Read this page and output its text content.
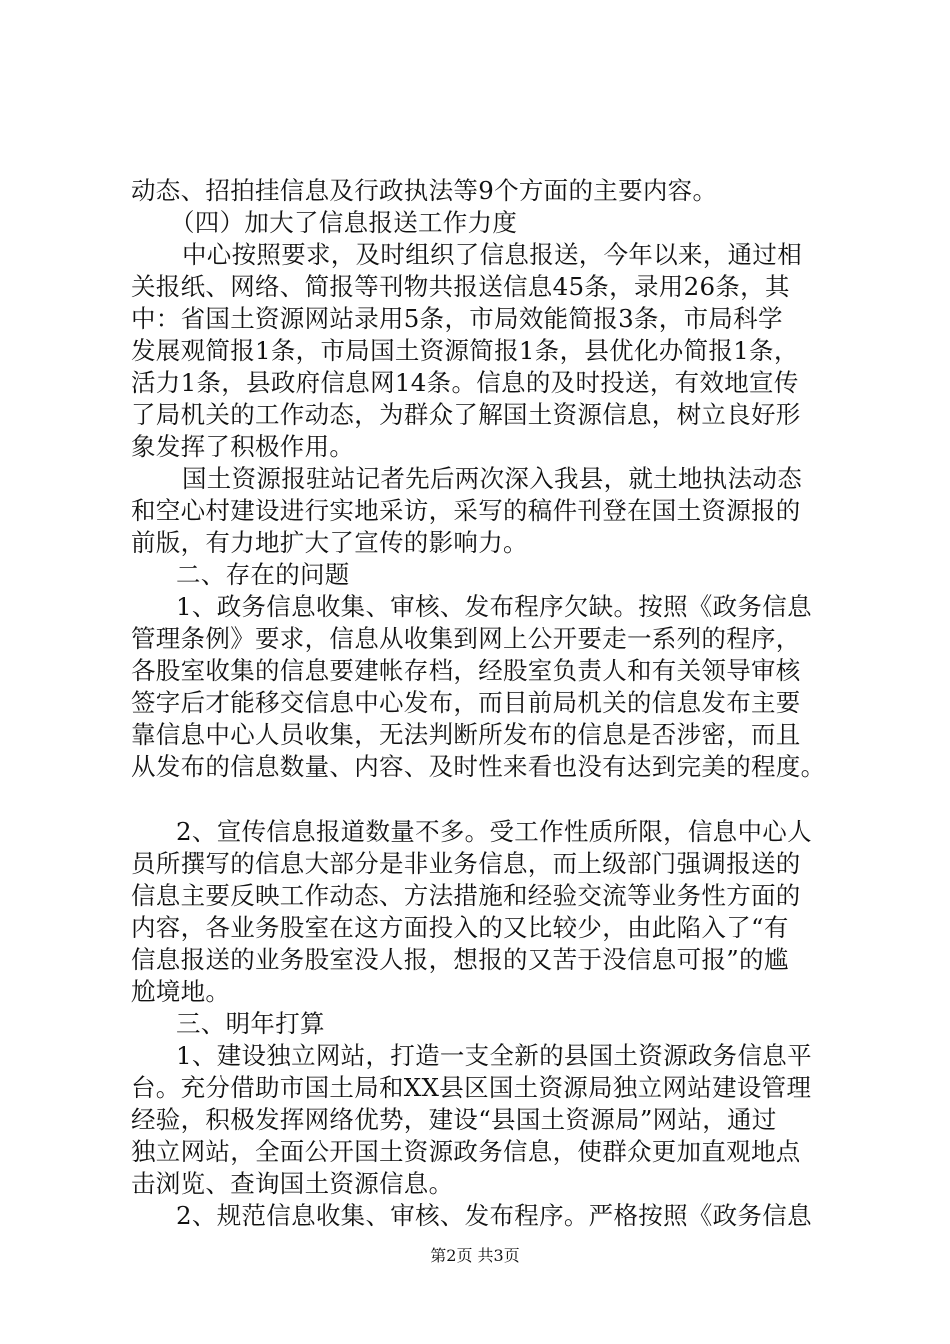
动态、招拍挂信息及行政执法等9个方面的主要内容。
（四）加大了信息报送工作力度
中心按照要求，及时组织了信息报送，今年以来，通过相
关报纸、网络、简报等刊物共报送信息45条，录用26条，其
中：省国土资源网站录用5条，市局效能简报3条，市局科学
发展观简报1条，市局国土资源简报1条，县优化办简报1条，
活力1条，县政府信息网14条。信息的及时投送，有效地宣传
了局机关的工作动态，为群众了解国土资源信息，树立良好形
象发挥了积极作用。
国土资源报驻站记者先后两次深入我县，就土地执法动态
和空心村建设进行实地采访，采写的稿件刊登在国土资源报的
前版，有力地扩大了宣传的影响力。
二、存在的问题
1、政务信息收集、审核、发布程序欠缺。按照《政务信息
管理条例》要求，信息从收集到网上公开要走一系列的程序，
各股室收集的信息要建帐存档，经股室负责人和有关领导审核
签字后才能移交信息中心发布，而目前局机关的信息发布主要
靠信息中心人员收集，无法判断所发布的信息是否涉密，而且
从发布的信息数量、内容、及时性来看也没有达到完美的程度。
2、宣传信息报道数量不多。受工作性质所限，信息中心人
员所撰写的信息大部分是非业务信息，而上级部门强调报送的
信息主要反映工作动态、方法措施和经验交流等业务性方面的
内容，各业务股室在这方面投入的又比较少，由此陷入了“有
信息报送的业务股室没人报，想报的又苦于没信息可报”的尴
尬境地。
三、明年打算
1、建设独立网站，打造一支全新的县国土资源政务信息平
台。充分借助市国土局和XX县区国土资源局独立网站建设管理
经验，积极发挥网络优势，建设“县国土资源局”网站，通过
独立网站，全面公开国土资源政务信息，使群众更加直观地点
击浏览、查询国土资源信息。
2、规范信息收集、审核、发布程序。严格按照《政务信息
第2页 共3页
